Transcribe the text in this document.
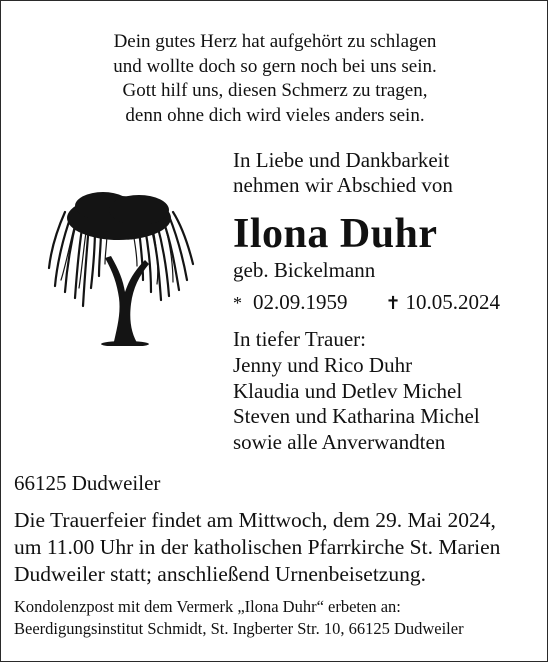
Dein gutes Herz hat aufgehört zu schlagen
und wollte doch so gern noch bei uns sein.
Gott hilf uns, diesen Schmerz zu tragen,
denn ohne dich wird vieles anders sein.
In Liebe und Dankbarkeit
nehmen wir Abschied von
Ilona Duhr
geb. Bickelmann
* 02.09.1959 ✝ 10.05.2024
In tiefer Trauer:
Jenny und Rico Duhr
Klaudia und Detlev Michel
Steven und Katharina Michel
sowie alle Anverwandten
66125 Dudweiler
Die Trauerfeier findet am Mittwoch, dem 29. Mai 2024,
um 11.00 Uhr in der katholischen Pfarrkirche St. Marien
Dudweiler statt; anschließend Urnenbeisetzung.
Kondolenzpost mit dem Vermerk „Ilona Duhr“ erbeten an:
Beerdigungsinstitut Schmidt, St. Ingberter Str. 10, 66125 Dudweiler
